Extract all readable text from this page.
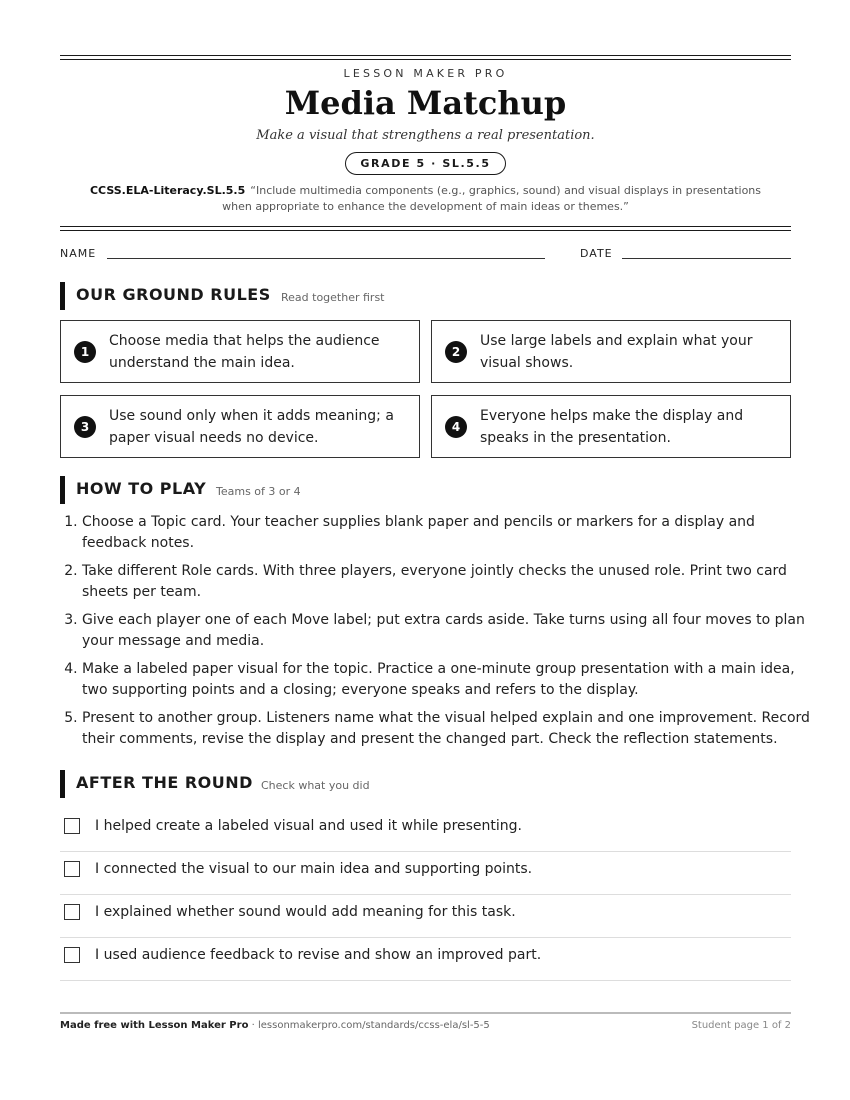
LESSON MAKER PRO
Media Matchup
Make a visual that strengthens a real presentation.
GRADE 5 · SL.5.5
CCSS.ELA-Literacy.SL.5.5 “Include multimedia components (e.g., graphics, sound) and visual displays in presentations when appropriate to enhance the development of main ideas or themes.”
NAME	DATE
OUR GROUND RULES Read together first
1
Choose media that helps the audience understand the main idea.
2
Use large labels and explain what your visual shows.
3
Use sound only when it adds meaning; a paper visual needs no device.
4
Everyone helps make the display and speaks in the presentation.
HOW TO PLAY Teams of 3 or 4
1. Choose a Topic card. Your teacher supplies blank paper and pencils or markers for a display and feedback notes.
2. Take different Role cards. With three players, everyone jointly checks the unused role. Print two card sheets per team.
3. Give each player one of each Move label; put extra cards aside. Take turns using all four moves to plan your message and media.
4. Make a labeled paper visual for the topic. Practice a one-minute group presentation with a main idea, two supporting points and a closing; everyone speaks and refers to the display.
5. Present to another group. Listeners name what the visual helped explain and one improvement. Record their comments, revise the display and present the changed part. Check the reflection statements.
AFTER THE ROUND Check what you did
I helped create a labeled visual and used it while presenting.
I connected the visual to our main idea and supporting points.
I explained whether sound would add meaning for this task.
I used audience feedback to revise and show an improved part.
Made free with Lesson Maker Pro · lessonmakerpro.com/standards/ccss-ela/sl-5-5	Student page 1 of 2
